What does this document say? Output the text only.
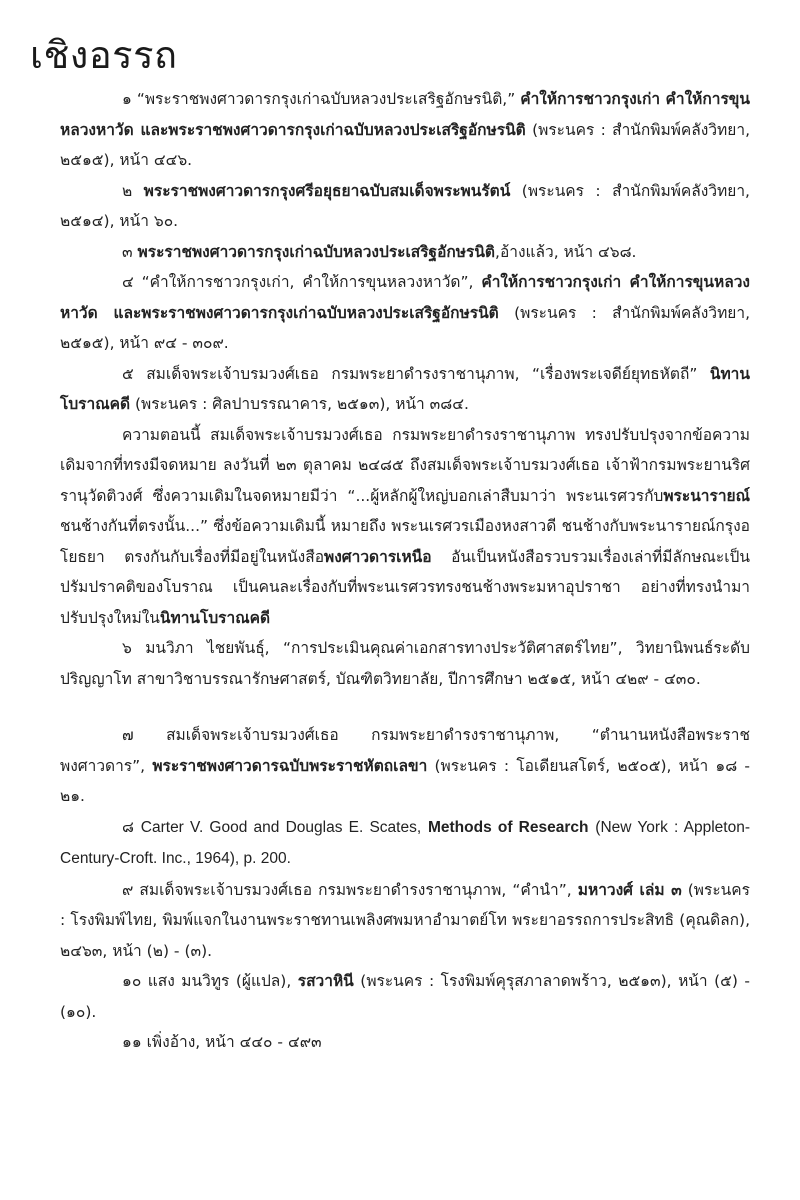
เชิงอรรถ

๑ “พระราชพงศาวดารกรุงเก่าฉบับหลวงประเสริฐอักษรนิติ,” คำให้การชาวกรุงเก่า คำให้การขุนหลวงหาวัด และพระราชพงศาวดารกรุงเก่าฉบับหลวงประเสริฐอักษรนิติ (พระนคร : สำนักพิมพ์คลังวิทยา, ๒๕๑๕), หน้า ๔๔๖.

๒ พระราชพงศาวดารกรุงศรีอยุธยาฉบับสมเด็จพระพนรัตน์ (พระนคร : สำนักพิมพ์คลังวิทยา, ๒๕๑๔), หน้า ๖๐.

๓ พระราชพงศาวดารกรุงเก่าฉบับหลวงประเสริฐอักษรนิติ,อ้างแล้ว, หน้า ๔๖๘.

๔ “คำให้การชาวกรุงเก่า, คำให้การขุนหลวงหาวัด”, คำให้การชาวกรุงเก่า คำให้การขุนหลวงหาวัด และพระราชพงศาวดารกรุงเก่าฉบับหลวงประเสริฐอักษรนิติ (พระนคร : สำนักพิมพ์คลังวิทยา, ๒๕๑๕), หน้า ๙๔ - ๓๐๙.

๕ สมเด็จพระเจ้าบรมวงศ์เธอ กรมพระยาดำรงราชานุภาพ, “เรื่องพระเจดีย์ยุทธหัตถี” นิทานโบราณคดี (พระนคร : ศิลปาบรรณาคาร, ๒๕๑๓), หน้า ๓๘๔.

ความตอนนี้ สมเด็จพระเจ้าบรมวงศ์เธอ กรมพระยาดำรงราชานุภาพ ทรงปรับปรุงจากข้อความเดิมจากที่ทรงมีจดหมาย ลงวันที่ ๒๓ ตุลาคม ๒๔๘๕ ถึงสมเด็จพระเจ้าบรมวงศ์เธอ เจ้าฟ้ากรมพระยานริศรานุวัดติวงศ์ ซึ่งความเดิมในจดหมายมีว่า “...ผู้หลักผู้ใหญ่บอกเล่าสืบมาว่า พระนเรศวรกับพระนารายณ์ชนช้างกันที่ตรงนั้น...” ซึ่งข้อความเดิมนี้ หมายถึง พระนเรศวรเมืองหงสาวดี ชนช้างกับพระนารายณ์กรุงอโยธยา ตรงกันกับเรื่องที่มีอยู่ในหนังสือพงศาวดารเหนือ อันเป็นหนังสือรวบรวมเรื่องเล่าที่มีลักษณะเป็นปรัมปราคติของโบราณ เป็นคนละเรื่องกับที่พระนเรศวรทรงชนช้างพระมหาอุปราชา อย่างที่ทรงนำมาปรับปรุงใหม่ในนิทานโบราณคดี

๖ มนวิภา ไชยพันธุ์, “การประเมินคุณค่าเอกสารทางประวัติศาสตร์ไทย”, วิทยานิพนธ์ระดับปริญญาโท สาขาวิชาบรรณารักษศาสตร์, บัณฑิตวิทยาลัย, ปีการศึกษา ๒๕๑๕, หน้า ๔๒๙ - ๔๓๐.

๗ สมเด็จพระเจ้าบรมวงศ์เธอ กรมพระยาดำรงราชานุภาพ, “ตำนานหนังสือพระราชพงศาวดาร”, พระราชพงศาวดารฉบับพระราชหัตถเลขา (พระนคร : โอเดียนสโตร์, ๒๕๐๕), หน้า ๑๘ - ๒๑.

๘ Carter V. Good and Douglas E. Scates, Methods of Research (New York : Appleton-Century-Croft. Inc., 1964), p. 200.

๙ สมเด็จพระเจ้าบรมวงศ์เธอ กรมพระยาดำรงราชานุภาพ, “คำนำ”, มหาวงศ์ เล่ม ๓ (พระนคร : โรงพิมพ์ไทย, พิมพ์แจกในงานพระราชทานเพลิงศพมหาอำมาตย์โท พระยาอรรถการประสิทธิ (คุณดิลก), ๒๔๖๓, หน้า (๒) - (๓).

๑๐ แสง มนวิทูร (ผู้แปล), รสวาหินี (พระนคร : โรงพิมพ์คุรุสภาลาดพร้าว, ๒๕๑๓), หน้า (๕) - (๑๐).

๑๑ เพิ่งอ้าง, หน้า ๔๔๐ - ๔๙๓
